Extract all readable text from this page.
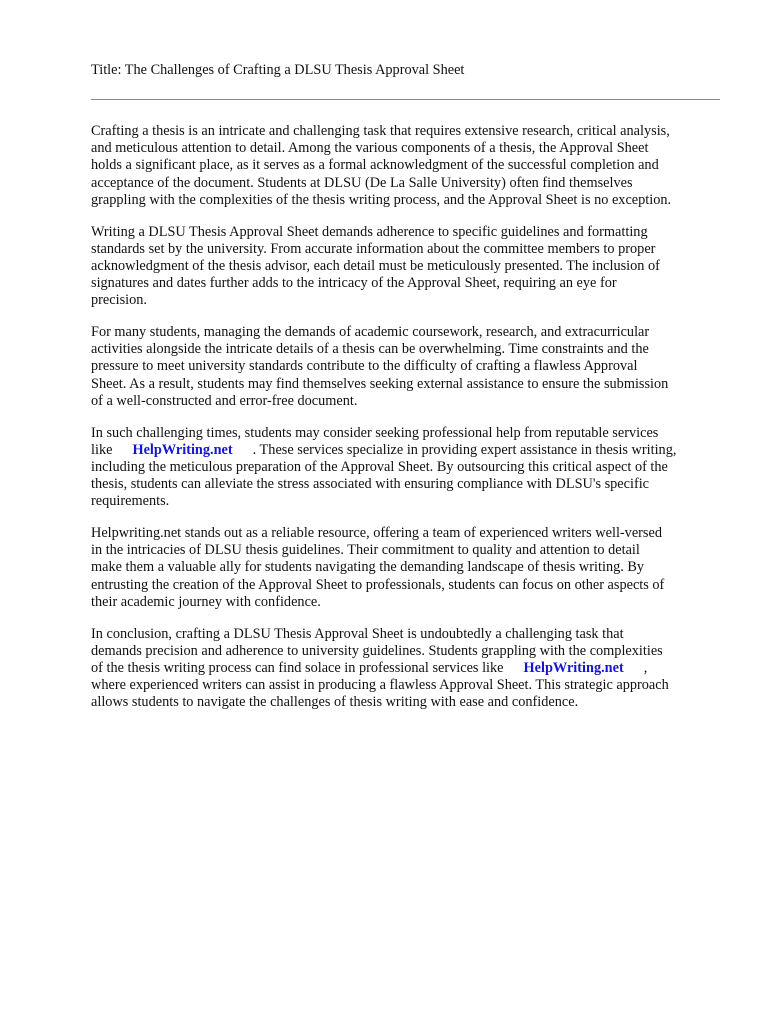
Title: The Challenges of Crafting a DLSU Thesis Approval Sheet

Crafting a thesis is an intricate and challenging task that requires extensive research, critical analysis,
and meticulous attention to detail. Among the various components of a thesis, the Approval Sheet
holds a significant place, as it serves as a formal acknowledgment of the successful completion and
acceptance of the document. Students at DLSU (De La Salle University) often find themselves
grappling with the complexities of the thesis writing process, and the Approval Sheet is no exception.

Writing a DLSU Thesis Approval Sheet demands adherence to specific guidelines and formatting
standards set by the university. From accurate information about the committee members to proper
acknowledgment of the thesis advisor, each detail must be meticulously presented. The inclusion of
signatures and dates further adds to the intricacy of the Approval Sheet, requiring an eye for
precision.

For many students, managing the demands of academic coursework, research, and extracurricular
activities alongside the intricate details of a thesis can be overwhelming. Time constraints and the
pressure to meet university standards contribute to the difficulty of crafting a flawless Approval
Sheet. As a result, students may find themselves seeking external assistance to ensure the submission
of a well-constructed and error-free document.

In such challenging times, students may consider seeking professional help from reputable services
like HelpWriting.net . These services specialize in providing expert assistance in thesis writing,
including the meticulous preparation of the Approval Sheet. By outsourcing this critical aspect of the
thesis, students can alleviate the stress associated with ensuring compliance with DLSU's specific
requirements.

Helpwriting.net stands out as a reliable resource, offering a team of experienced writers well-versed
in the intricacies of DLSU thesis guidelines. Their commitment to quality and attention to detail
make them a valuable ally for students navigating the demanding landscape of thesis writing. By
entrusting the creation of the Approval Sheet to professionals, students can focus on other aspects of
their academic journey with confidence.

In conclusion, crafting a DLSU Thesis Approval Sheet is undoubtedly a challenging task that
demands precision and adherence to university guidelines. Students grappling with the complexities
of the thesis writing process can find solace in professional services like HelpWriting.net ,
where experienced writers can assist in producing a flawless Approval Sheet. This strategic approach
allows students to navigate the challenges of thesis writing with ease and confidence.
